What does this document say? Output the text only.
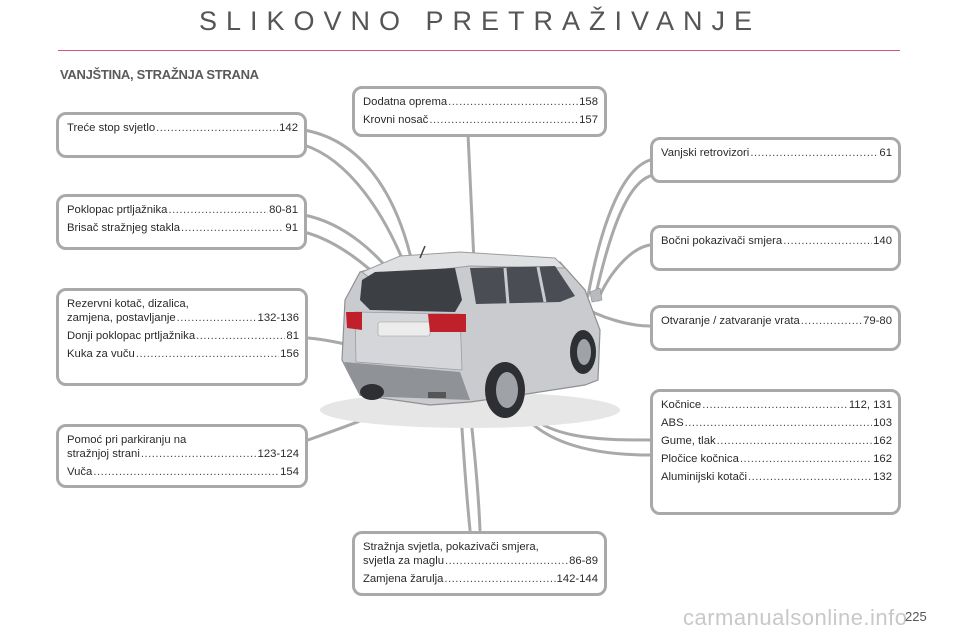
SLIKOVNO PRETRAŽIVANJE
VANJŠTINA, STRAŽNJA STRANA
Treće stop svjetlo .....	142
Poklopac prtljažnika .....	80-81
Brisač stražnjeg stakla .....	91
Rezervni kotač, dizalica,
zamjena, postavljanje .....	132-136
Donji poklopac prtljažnika .....	81
Kuka za vuču .....	156
Pomoć pri parkiranju na
stražnjoj strani .....	123-124
Vuča .....	154
Dodatna oprema .....	158
Krovni nosač .....	157
Vanjski retrovizori .....	61
Bočni pokazivači smjera .....	140
Otvaranje / zatvaranje vrata .....	79-80
Kočnice .....	112, 131
ABS .....	103
Gume, tlak .....	162
Pločice kočnica .....	162
Aluminijski kotači .....	132
Stražnja svjetla, pokazivači smjera,
svjetla za maglu .....	86-89
Zamjena žarulja .....	142-144
carmanualsonline.info
225
